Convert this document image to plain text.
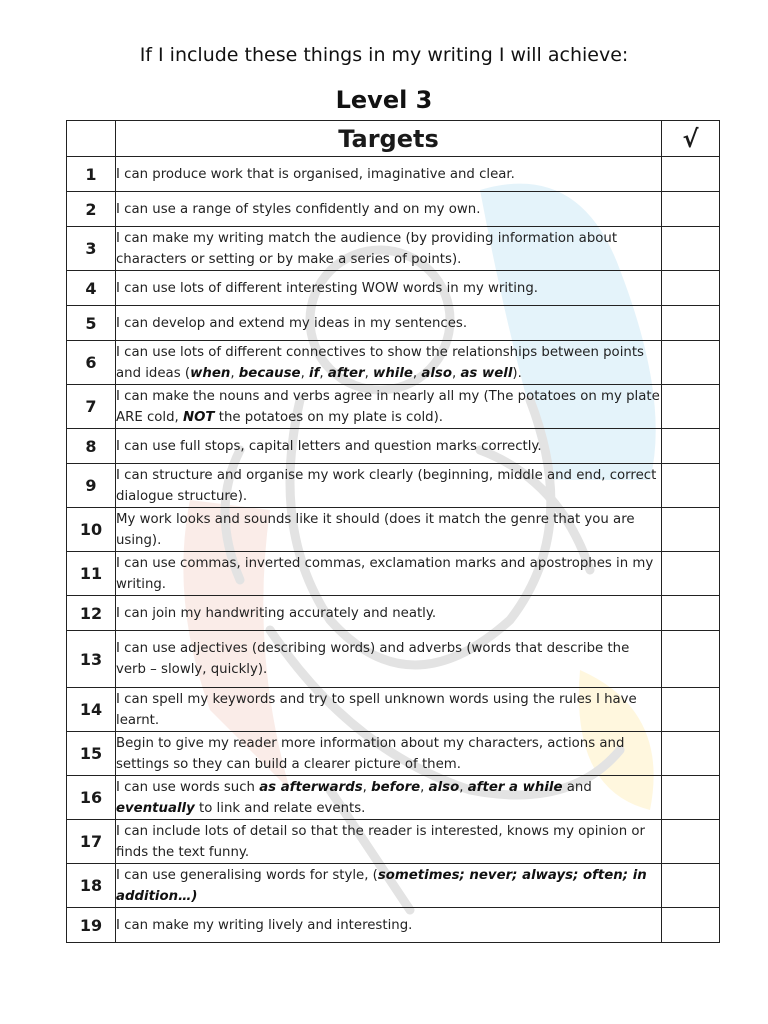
If I include these things in my writing I will achieve:
Level 3
	Targets	√
1	I can produce work that is organised, imaginative and clear.	
2	I can use a range of styles confidently and on my own.	
3	I can make my writing match the audience (by providing information about characters or setting or by make a series of points).	
4	I can use lots of different interesting WOW words in my writing.	
5	I can develop and extend my ideas in my sentences.	
6	I can use lots of different connectives to show the relationships between points and ideas (when, because, if, after, while, also, as well).	
7	I can make the nouns and verbs agree in nearly all my (The potatoes on my plate ARE cold, NOT the potatoes on my plate is cold).	
8	I can use full stops, capital letters and question marks correctly.	
9	I can structure and organise my work clearly (beginning, middle and end, correct dialogue structure).	
10	My work looks and sounds like it should (does it match the genre that you are using).	
11	I can use commas, inverted commas, exclamation marks and apostrophes in my writing.	
12	I can join my handwriting accurately and neatly.	
13	I can use adjectives (describing words) and adverbs (words that describe the verb – slowly, quickly).	
14	I can spell my keywords and try to spell unknown words using the rules I have learnt.	
15	Begin to give my reader more information about my characters, actions and settings so they can build a clearer picture of them.	
16	I can use words such as afterwards, before, also, after a while and eventually to link and relate events.	
17	I can include lots of detail so that the reader is interested, knows my opinion or finds the text funny.	
18	I can use generalising words for style, (sometimes; never; always; often; in addition…)	
19	I can make my writing lively and interesting.	
